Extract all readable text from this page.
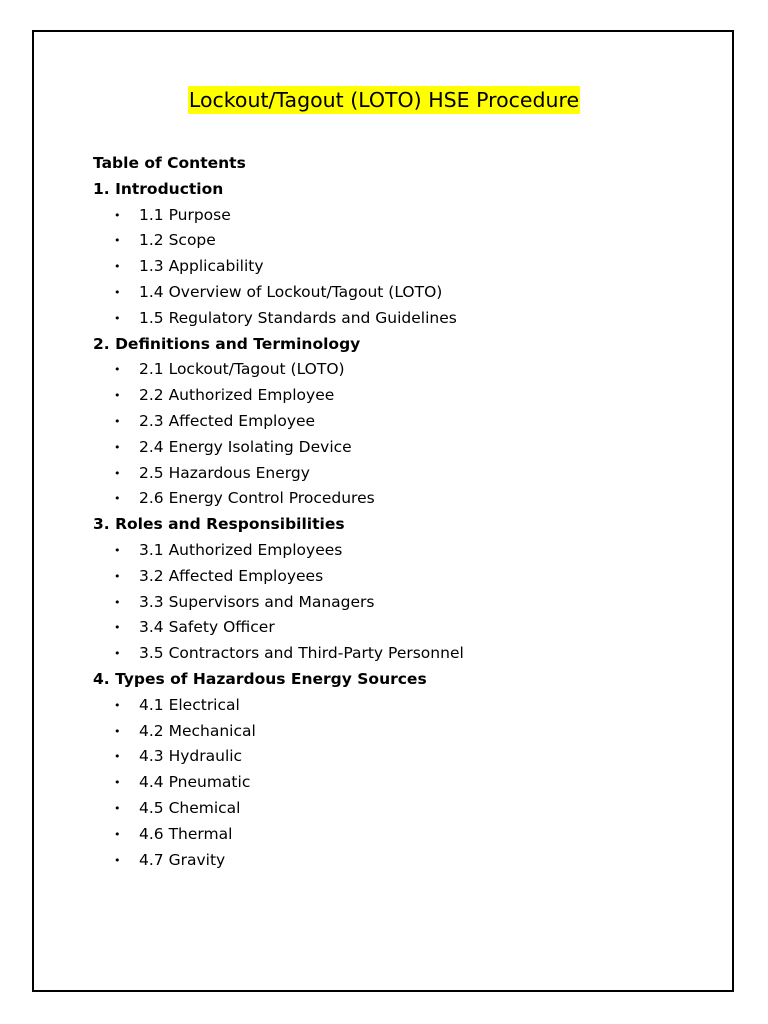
Lockout/Tagout (LOTO) HSE Procedure
Table of Contents
1. Introduction
• 1.1 Purpose
• 1.2 Scope
• 1.3 Applicability
• 1.4 Overview of Lockout/Tagout (LOTO)
• 1.5 Regulatory Standards and Guidelines
2. Definitions and Terminology
• 2.1 Lockout/Tagout (LOTO)
• 2.2 Authorized Employee
• 2.3 Affected Employee
• 2.4 Energy Isolating Device
• 2.5 Hazardous Energy
• 2.6 Energy Control Procedures
3. Roles and Responsibilities
• 3.1 Authorized Employees
• 3.2 Affected Employees
• 3.3 Supervisors and Managers
• 3.4 Safety Officer
• 3.5 Contractors and Third-Party Personnel
4. Types of Hazardous Energy Sources
• 4.1 Electrical
• 4.2 Mechanical
• 4.3 Hydraulic
• 4.4 Pneumatic
• 4.5 Chemical
• 4.6 Thermal
• 4.7 Gravity
